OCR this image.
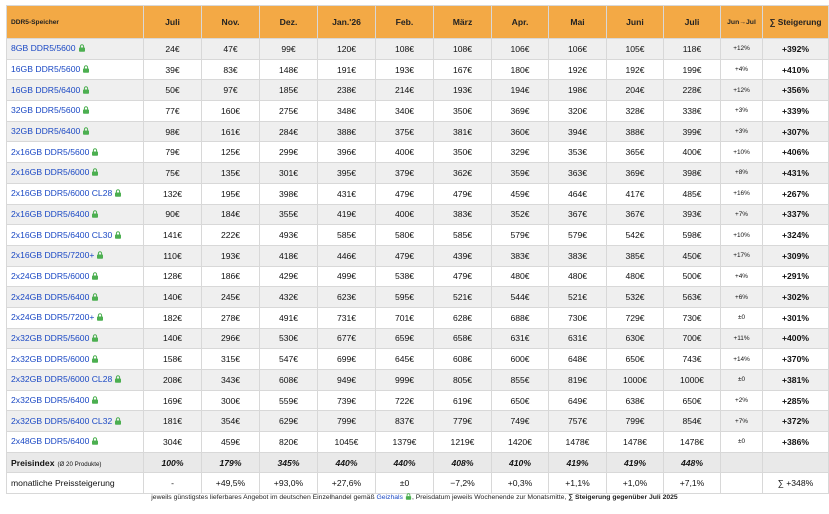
DDR5-Speicher	Juli	Nov.	Dez.	Jan.'26	Feb.	März	Apr.	Mai	Juni	Juli	Jun→Jul	∑ Steigerung
8GB DDR5/5600	24€	47€	99€	120€	108€	108€	106€	106€	105€	118€	+12%	+392%
16GB DDR5/5600	39€	83€	148€	191€	193€	167€	180€	192€	192€	199€	+4%	+410%
16GB DDR5/6400	50€	97€	185€	238€	214€	193€	194€	198€	204€	228€	+12%	+356%
32GB DDR5/5600	77€	160€	275€	348€	340€	350€	369€	320€	328€	338€	+3%	+339%
32GB DDR5/6400	98€	161€	284€	388€	375€	381€	360€	394€	388€	399€	+3%	+307%
2x16GB DDR5/5600	79€	125€	299€	396€	400€	350€	329€	353€	365€	400€	+10%	+406%
2x16GB DDR5/6000	75€	135€	301€	395€	379€	362€	359€	363€	369€	398€	+8%	+431%
2x16GB DDR5/6000 CL28	132€	195€	398€	431€	479€	479€	459€	464€	417€	485€	+16%	+267%
2x16GB DDR5/6400	90€	184€	355€	419€	400€	383€	352€	367€	367€	393€	+7%	+337%
2x16GB DDR5/6400 CL30	141€	222€	493€	585€	580€	585€	579€	579€	542€	598€	+10%	+324%
2x16GB DDR5/7200+	110€	193€	418€	446€	479€	439€	383€	383€	385€	450€	+17%	+309%
2x24GB DDR5/6000	128€	186€	429€	499€	538€	479€	480€	480€	480€	500€	+4%	+291%
2x24GB DDR5/6400	140€	245€	432€	623€	595€	521€	544€	521€	532€	563€	+6%	+302%
2x24GB DDR5/7200+	182€	278€	491€	731€	701€	628€	688€	730€	729€	730€	±0	+301%
2x32GB DDR5/5600	140€	296€	530€	677€	659€	658€	631€	631€	630€	700€	+11%	+400%
2x32GB DDR5/6000	158€	315€	547€	699€	645€	608€	600€	648€	650€	743€	+14%	+370%
2x32GB DDR5/6000 CL28	208€	343€	608€	949€	999€	805€	855€	819€	1000€	1000€	±0	+381%
2x32GB DDR5/6400	169€	300€	559€	739€	722€	619€	650€	649€	638€	650€	+2%	+285%
2x32GB DDR5/6400 CL32	181€	354€	629€	799€	837€	779€	749€	757€	799€	854€	+7%	+372%
2x48GB DDR5/6400	304€	459€	820€	1045€	1379€	1219€	1420€	1478€	1478€	1478€	±0	+386%
Preisindex (Ø 20 Produkte)	100%	179%	345%	440%	440%	408%	410%	419%	419%	448%		
monatliche Preissteigerung	-	+49,5%	+93,0%	+27,6%	±0	−7,2%	+0,3%	+1,1%	+1,0%	+7,1%		∑ +348%
jeweils günstigstes lieferbares Angebot im deutschen Einzelhandel gemäß Geizhals , Preisdatum jeweils Wochenende zur Monatsmitte, ∑ Steigerung gegenüber Juli 2025
